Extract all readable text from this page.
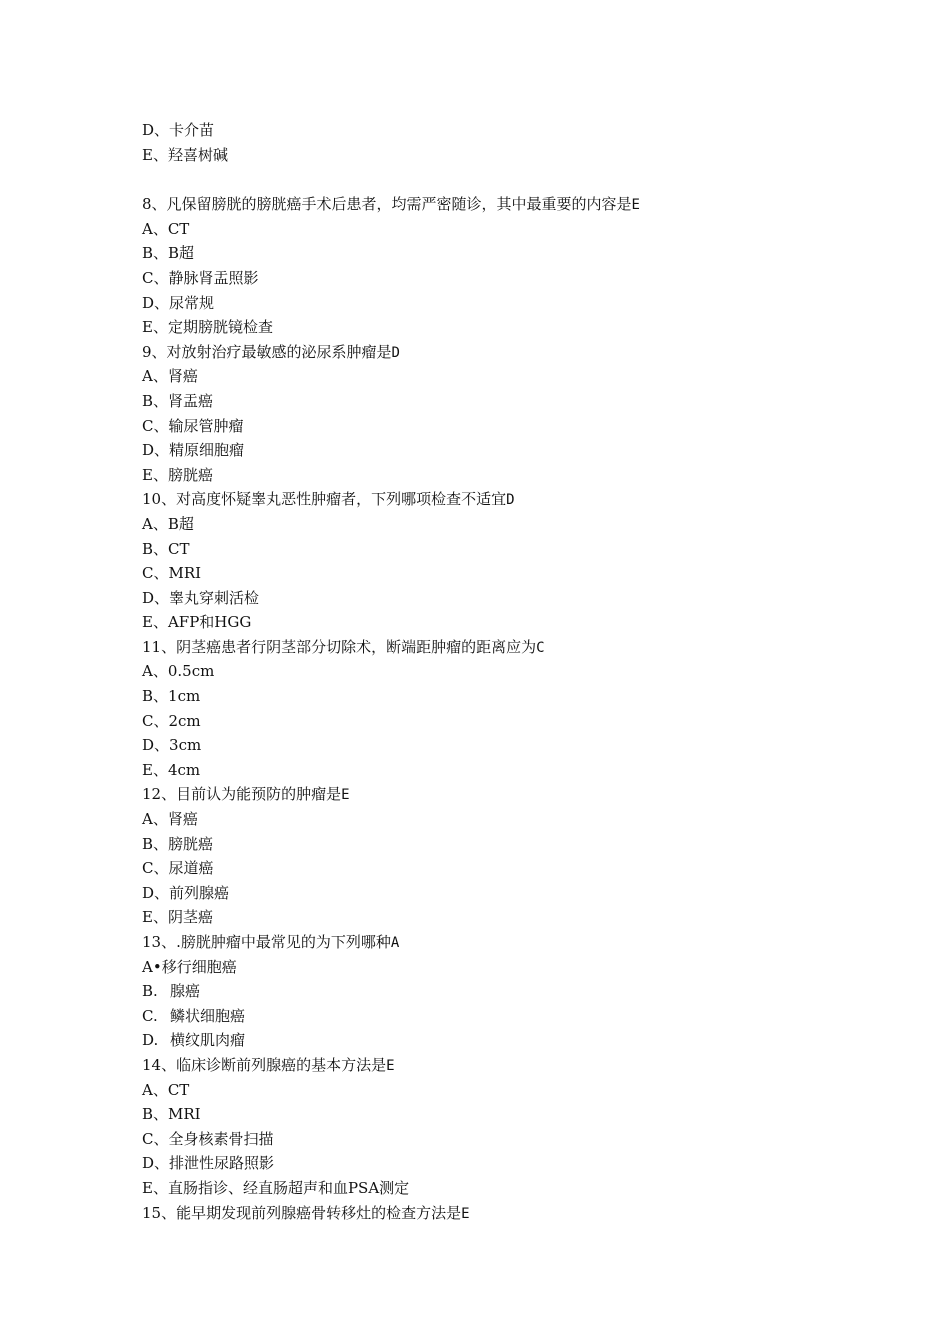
D、卡介苗
E、羟喜树碱
8、凡保留膀胱的膀胱癌手术后患者，均需严密随诊，其中最重要的内容是E
A、CT
B、B超
C、静脉肾盂照影
D、尿常规
E、定期膀胱镜检查
9、对放射治疗最敏感的泌尿系肿瘤是D
A、肾癌
B、肾盂癌
C、输尿管肿瘤
D、精原细胞瘤
E、膀胱癌
10、对高度怀疑睾丸恶性肿瘤者，下列哪项检查不适宜D
A、B超
B、CT
C、MRI
D、睾丸穿刺活检
E、AFP和HGG
11、阴茎癌患者行阴茎部分切除术，断端距肿瘤的距离应为C
A、0.5cm
B、1cm
C、2cm
D、3cm
E、4cm
12、目前认为能预防的肿瘤是E
A、肾癌
B、膀胱癌
C、尿道癌
D、前列腺癌
E、阴茎癌
13、.膀胱肿瘤中最常见的为下列哪种A
A•移行细胞癌
B. 腺癌
C. 鳞状细胞癌
D. 横纹肌肉瘤
14、临床诊断前列腺癌的基本方法是E
A、CT
B、MRI
C、全身核素骨扫描
D、排泄性尿路照影
E、直肠指诊、经直肠超声和血PSA测定
15、能早期发现前列腺癌骨转移灶的检查方法是E
